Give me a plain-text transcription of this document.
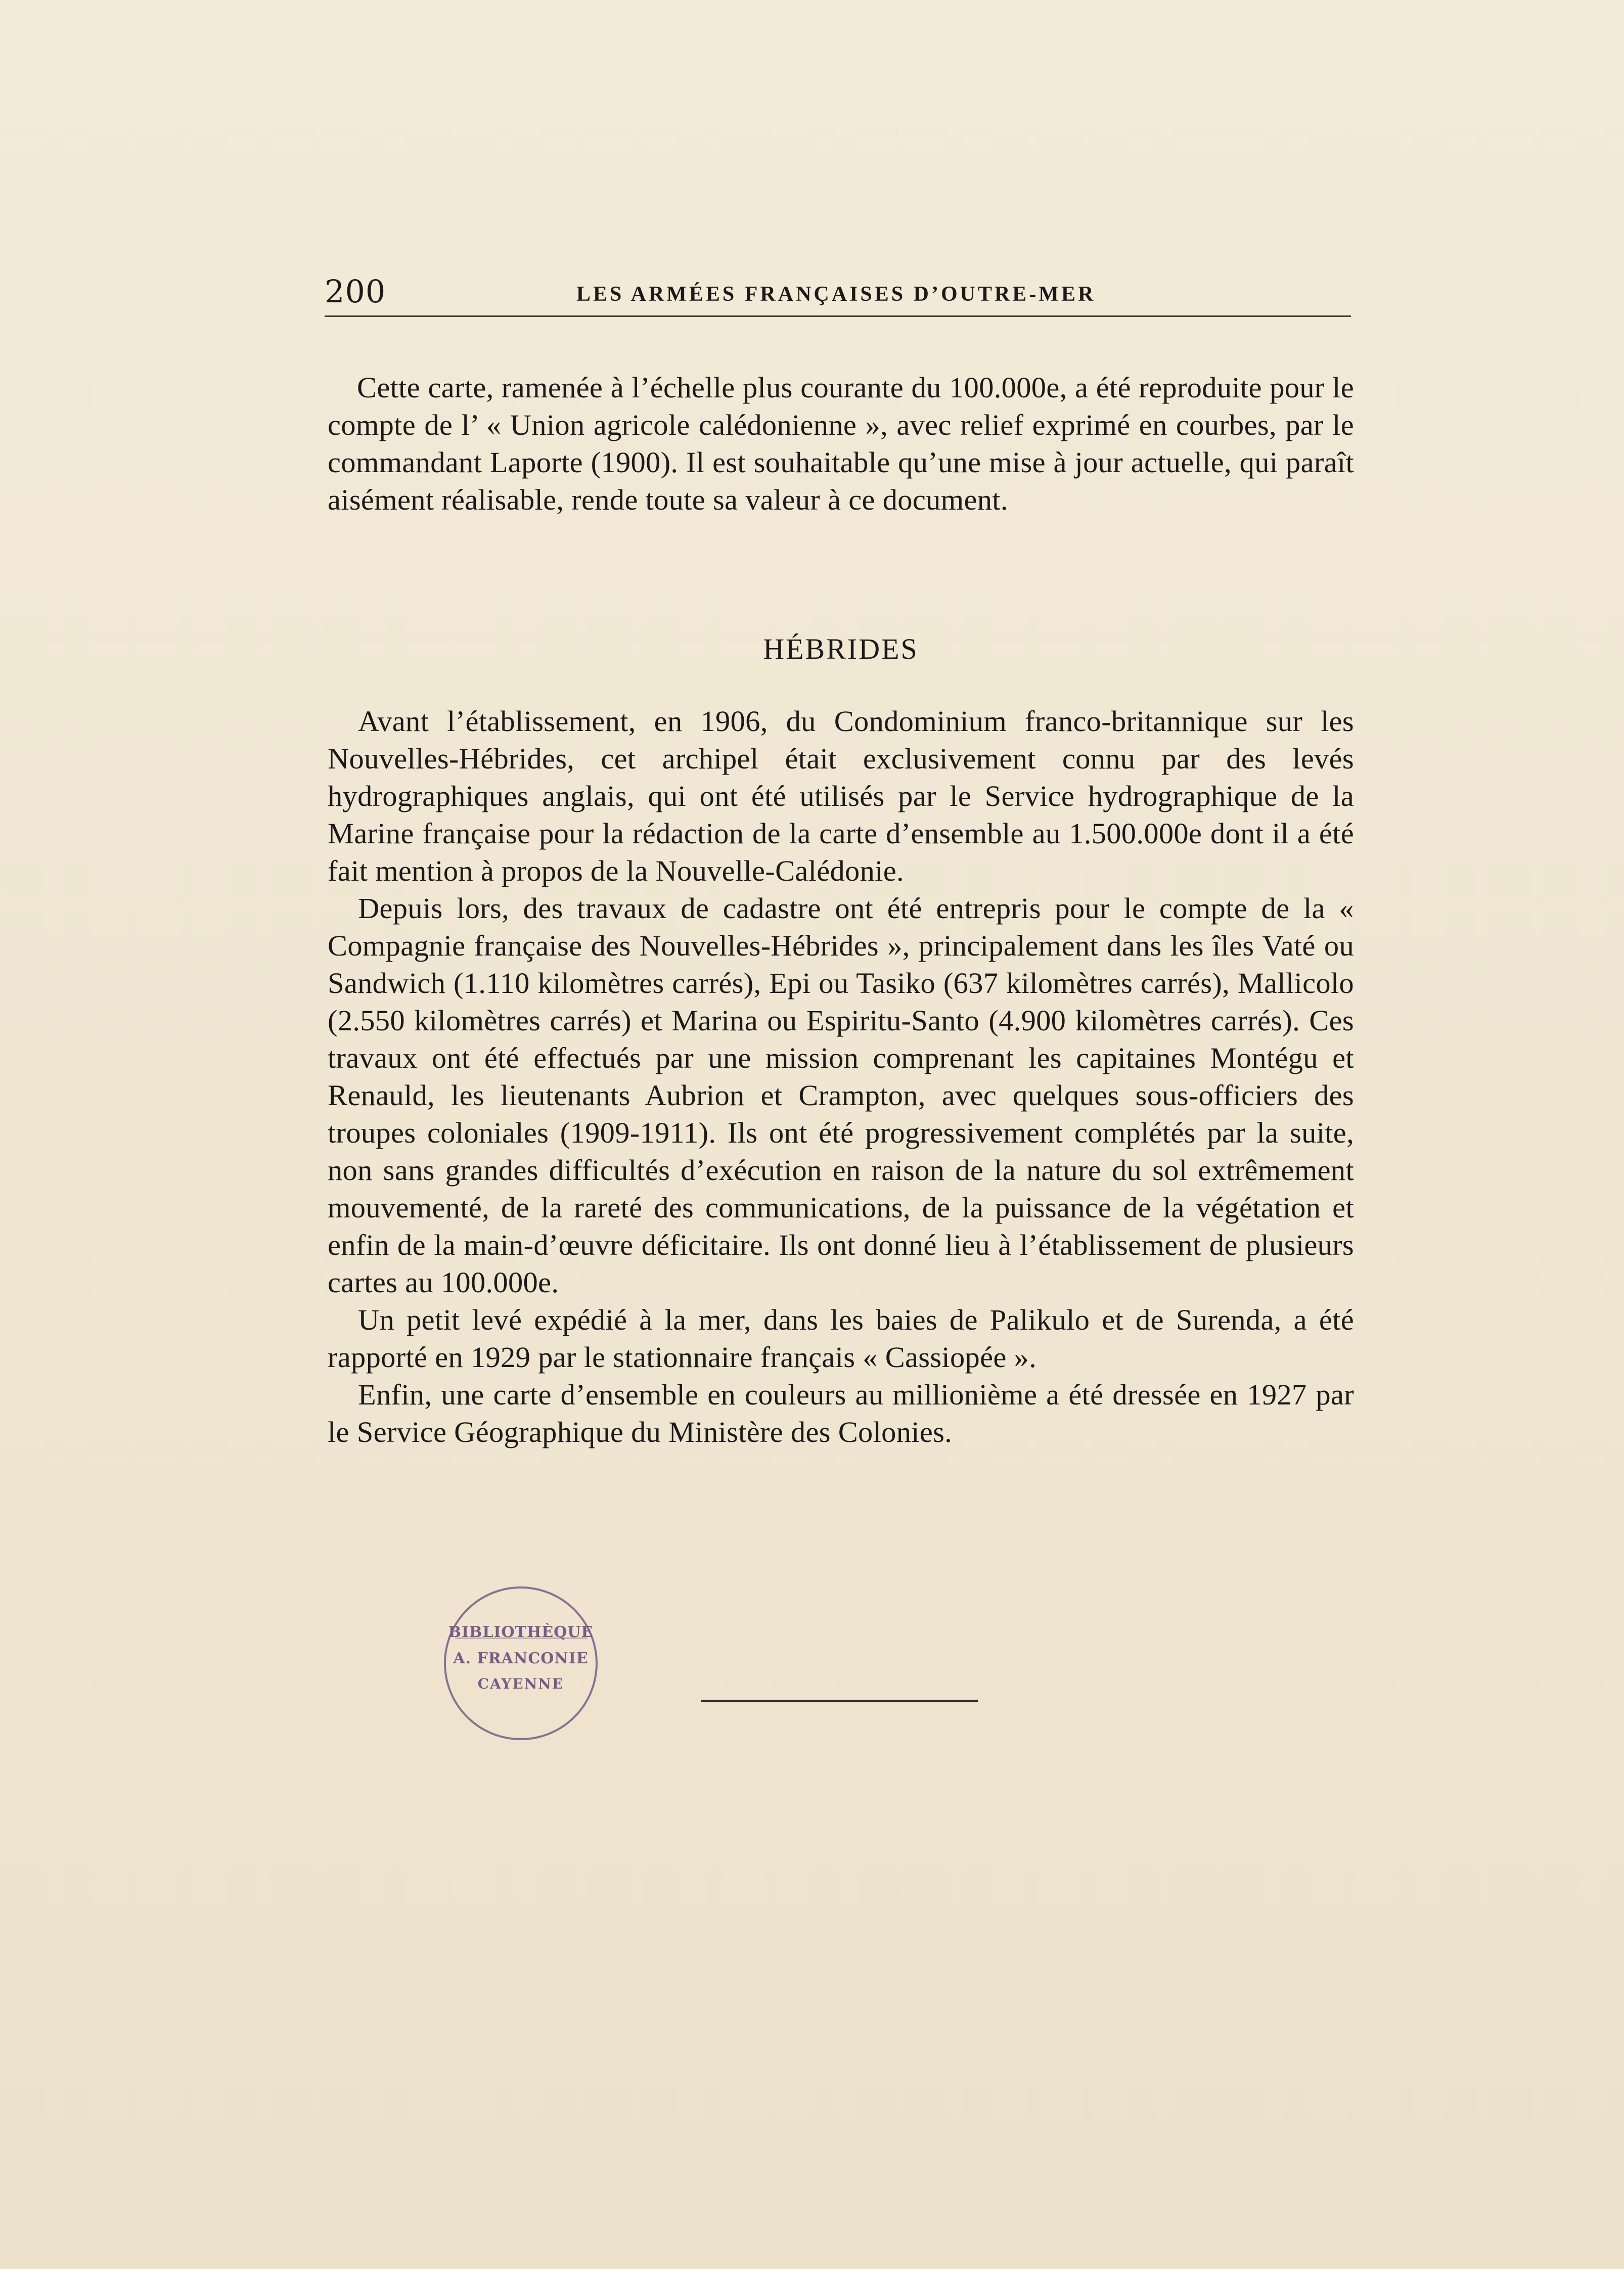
200	LES ARMÉES FRANÇAISES D’OUTRE-MER

Cette carte, ramenée à l’échelle plus courante du 100.000e, a été reproduite pour le compte de l’ « Union agricole calédonienne », avec relief exprimé en courbes, par le commandant Laporte (1900). Il est souhaitable qu’une mise à jour actuelle, qui paraît aisément réalisable, rende toute sa valeur à ce document.

HÉBRIDES

Avant l’établissement, en 1906, du Condominium franco-britannique sur les Nouvelles-Hébrides, cet archipel était exclusivement connu par des levés hydrographiques anglais, qui ont été utilisés par le Service hydrographique de la Marine française pour la rédaction de la carte d’ensemble au 1.500.000e dont il a été fait mention à propos de la Nouvelle-Calédonie.

Depuis lors, des travaux de cadastre ont été entrepris pour le compte de la « Compagnie française des Nouvelles-Hébrides », principalement dans les îles Vaté ou Sandwich (1.110 kilomètres carrés), Epi ou Tasiko (637 kilomètres carrés), Mallicolo (2.550 kilomètres carrés) et Marina ou Espiritu-Santo (4.900 kilomètres carrés). Ces travaux ont été effectués par une mission comprenant les capitaines Montégu et Renauld, les lieutenants Aubrion et Crampton, avec quelques sous-officiers des troupes coloniales (1909-1911). Ils ont été progressivement complétés par la suite, non sans grandes difficultés d’exécution en raison de la nature du sol extrêmement mouvementé, de la rareté des communications, de la puissance de la végétation et enfin de la main-d’œuvre déficitaire. Ils ont donné lieu à l’établissement de plusieurs cartes au 100.000e.

Un petit levé expédié à la mer, dans les baies de Palikulo et de Surenda, a été rapporté en 1929 par le stationnaire français « Cassiopée ».

Enfin, une carte d’ensemble en couleurs au millionième a été dressée en 1927 par le Service Géographique du Ministère des Colonies.

BIBLIOTHÈQUE
A. FRANCONIE
CAYENNE
